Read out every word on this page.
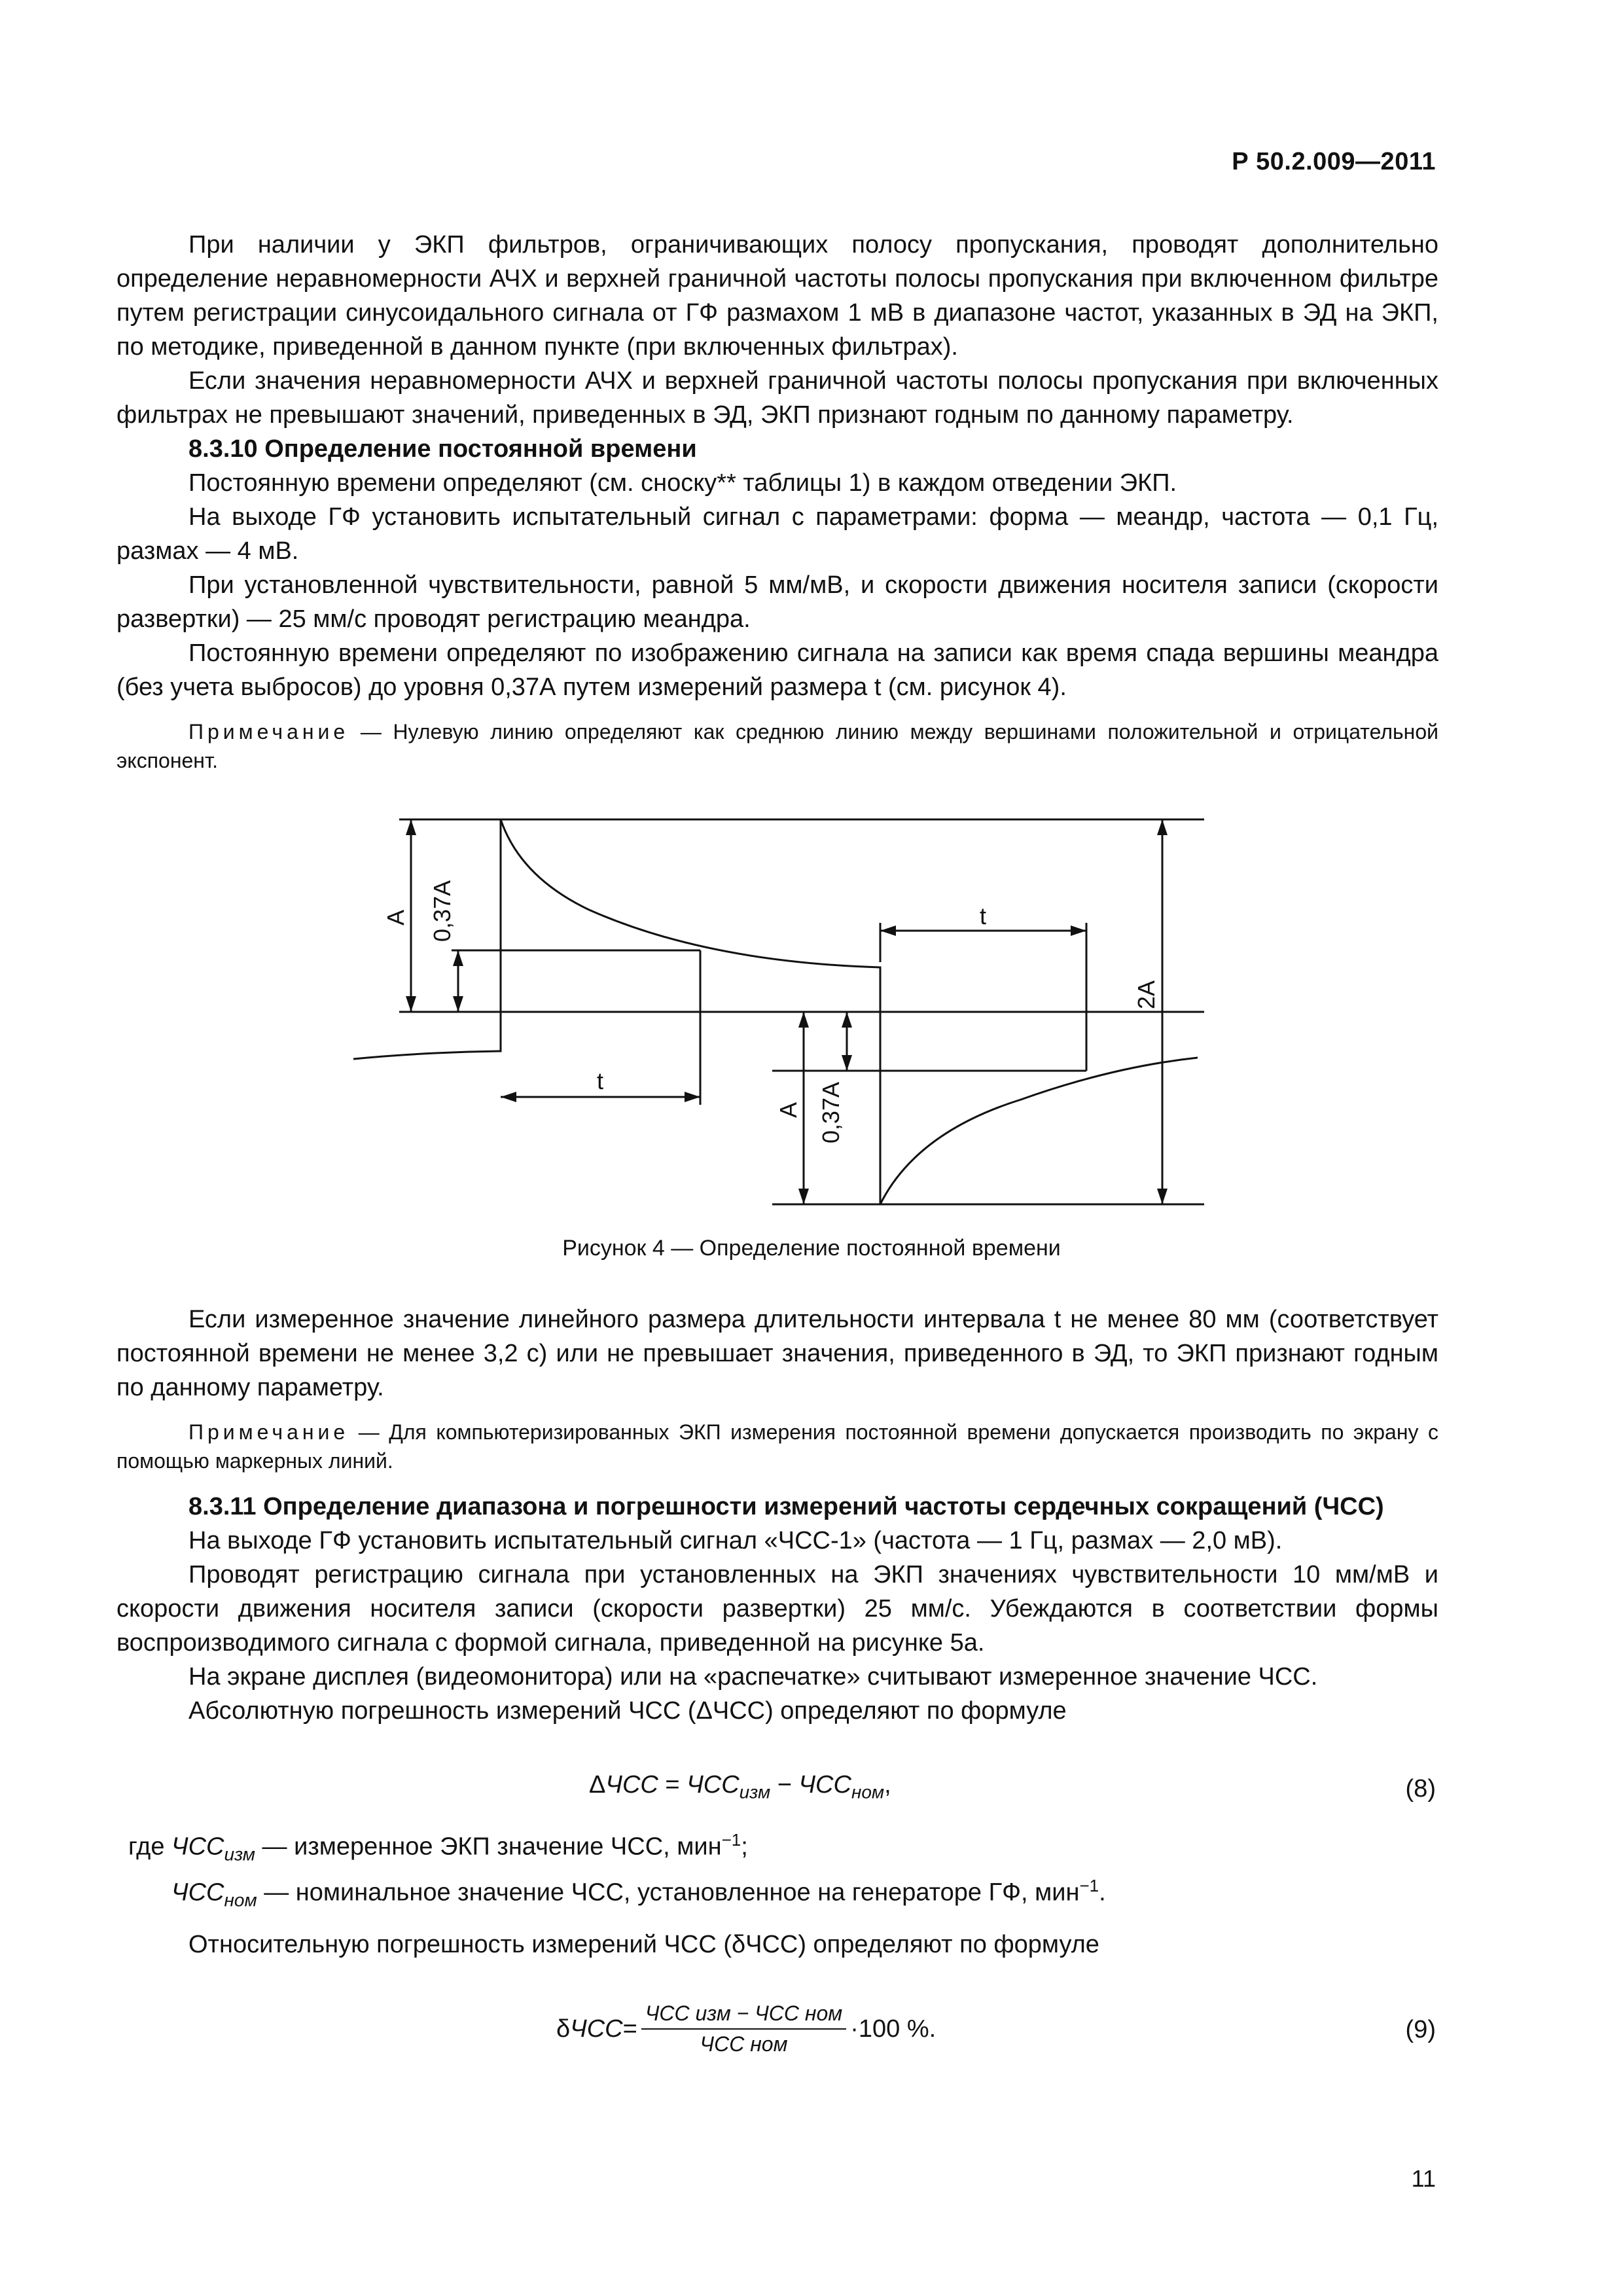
Р 50.2.009—2011

При наличии у ЭКП фильтров, ограничивающих полосу пропускания, проводят дополнительно определение неравномерности АЧХ и верхней граничной частоты полосы пропускания при включенном фильтре путем регистрации синусоидального сигнала от ГФ размахом 1 мВ в диапазоне частот, указанных в ЭД на ЭКП, по методике, приведенной в данном пункте (при включенных фильтрах).

Если значения неравномерности АЧХ и верхней граничной частоты полосы пропускания при включенных фильтрах не превышают значений, приведенных в ЭД, ЭКП признают годным по данному параметру.

8.3.10 Определение постоянной времени

Постоянную времени определяют (см. сноску** таблицы 1) в каждом отведении ЭКП.

На выходе ГФ установить испытательный сигнал с параметрами: форма — меандр, частота — 0,1 Гц, размах — 4 мВ.

При установленной чувствительности, равной 5 мм/мВ, и скорости движения носителя записи (скорости развертки) — 25 мм/с проводят регистрацию меандра.

Постоянную времени определяют по изображению сигнала на записи как время спада вершины меандра (без учета выбросов) до уровня 0,37А путем измерений размера t (см. рисунок 4).

Примечание — Нулевую линию определяют как среднюю линию между вершинами положительной и отрицательной экспонент.

А 0,37А
t
А 0,37А
t
2А
Рисунок 4 — Определение постоянной времени

Если измеренное значение линейного размера длительности интервала t не менее 80 мм (соответствует постоянной времени не менее 3,2 с) или не превышает значения, приведенного в ЭД, то ЭКП признают годным по данному параметру.

Примечание — Для компьютеризированных ЭКП измерения постоянной времени допускается производить по экрану с помощью маркерных линий.

8.3.11 Определение диапазона и погрешности измерений частоты сердечных сокращений (ЧСС)

На выходе ГФ установить испытательный сигнал «ЧСС-1» (частота — 1 Гц, размах — 2,0 мВ).

Проводят регистрацию сигнала при установленных на ЭКП значениях чувствительности 10 мм/мВ и скорости движения носителя записи (скорости развертки) 25 мм/с. Убеждаются в соответствии формы воспроизводимого сигнала с формой сигнала, приведенной на рисунке 5а.

На экране дисплея (видеомонитора) или на «распечатке» считывают измеренное значение ЧСС.

Абсолютную погрешность измерений ЧСС (ΔЧСС) определяют по формуле

$\Delta ЧСС = ЧСС_{изм} - ЧСС_{ном}$,	(8)
где $ЧСС_{изм}$ — измеренное ЭКП значение ЧСС, мин$^{-1}$;
$ЧСС_{ном}$ — номинальное значение ЧСС, установленное на генераторе ГФ, мин$^{-1}$.
Относительную погрешность измерений ЧСС (δЧСС) определяют по формуле
δ ЧСС = $\frac{\text{ЧСС изм − ЧСС ном}}{\text{ЧСС ном}} \cdot 100$ %.	(9)
11
